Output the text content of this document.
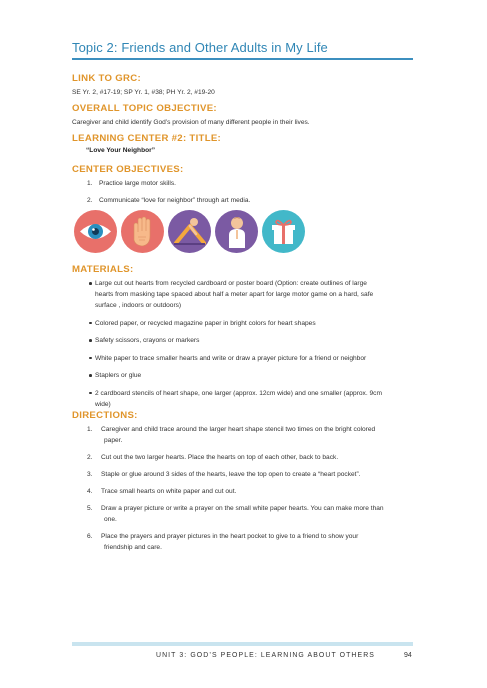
Topic 2: Friends and Other Adults in My Life
LINK TO GRC:
SE Yr. 2, #17-19; SP Yr. 1, #38; PH Yr. 2, #19-20
OVERALL TOPIC OBJECTIVE:
Caregiver and child identify God’s provision of many different people in their lives.
LEARNING CENTER #2: TITLE:
“Love Your Neighbor”
CENTER OBJECTIVES:
1. Practice large motor skills.
2. Communicate “love for neighbor” through art media.
MATERIALS:
Large cut out hearts from recycled cardboard or poster board (Option: create outlines of large
hearts from masking tape spaced about half a meter apart for large motor game on a hard, safe
surface , indoors or outdoors)
Colored paper, or recycled magazine paper in bright colors for heart shapes
Safety scissors, crayons or markers
White paper to trace smaller hearts and write or draw a prayer picture for a friend or neighbor
Staplers or glue
2 cardboard stencils of heart shape, one larger (approx. 12cm wide) and one smaller (approx. 9cm
wide)
DIRECTIONS:
1. Caregiver and child trace around the larger heart shape stencil two times on the bright colored
paper.
2. Cut out the two larger hearts. Place the hearts on top of each other, back to back.
3. Staple or glue around 3 sides of the hearts, leave the top open to create a “heart pocket”.
4. Trace small hearts on white paper and cut out.
5. Draw a prayer picture or write a prayer on the small white paper hearts. You can make more than
one.
6. Place the prayers and prayer pictures in the heart pocket to give to a friend to show your
friendship and care.
UNIT 3: GOD’S PEOPLE: LEARNING ABOUT OTHERS	94
